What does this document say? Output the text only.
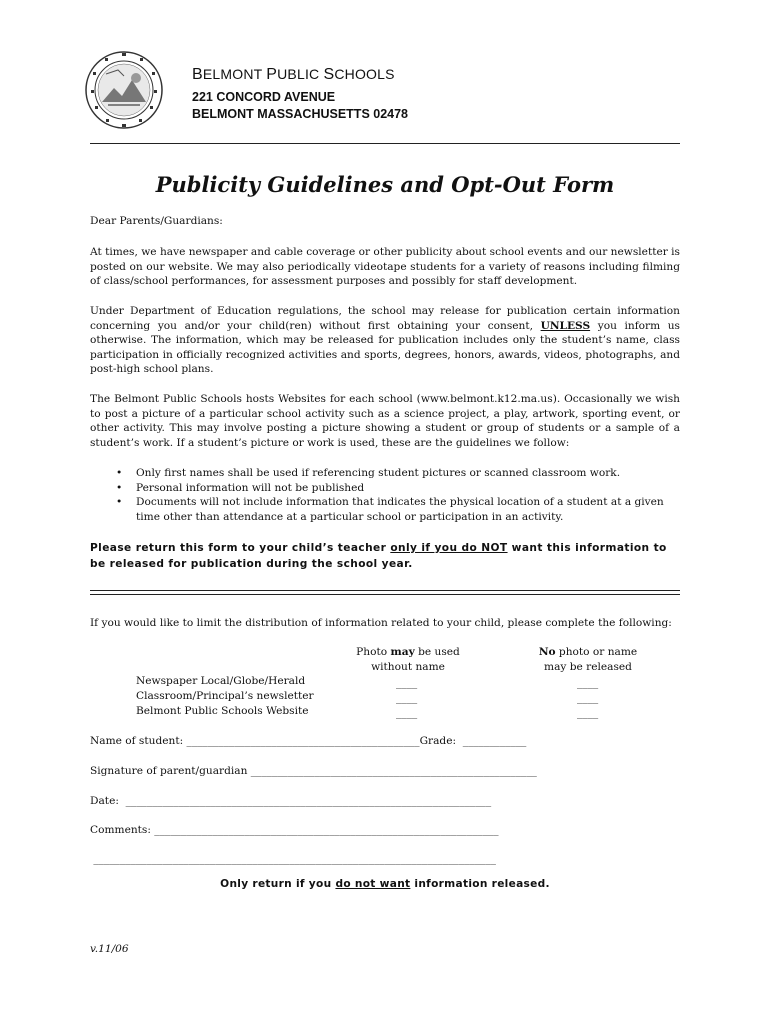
BELMONT PUBLIC SCHOOLS
221 CONCORD AVENUE
BELMONT MASSACHUSETTS 02478
Publicity Guidelines and Opt-Out Form
Dear Parents/Guardians:
At times, we have newspaper and cable coverage or other publicity about school events and our newsletter is posted on our website. We may also periodically videotape students for a variety of reasons including filming of class/school performances, for assessment purposes and possibly for staff development.
Under Department of Education regulations, the school may release for publication certain information concerning you and/or your child(ren) without first obtaining your consent, UNLESS you inform us otherwise. The information, which may be released for publication includes only the student’s name, class participation in officially recognized activities and sports, degrees, honors, awards, videos, photographs, and post-high school plans.
The Belmont Public Schools hosts Websites for each school (www.belmont.k12.ma.us). Occasionally we wish to post a picture of a particular school activity such as a science project, a play, artwork, sporting event, or other activity. This may involve posting a picture showing a student or group of students or a sample of a student’s work. If a student’s picture or work is used, these are the guidelines we follow:
• Only first names shall be used if referencing student pictures or scanned classroom work.
• Personal information will not be published
• Documents will not include information that indicates the physical location of a student at a given time other than attendance at a particular school or participation in an activity.
Please return this form to your child’s teacher only if you do NOT want this information to be released for publication during the school year.
If you would like to limit the distribution of information related to your child, please complete the following:
Photo may be used
without name
No photo or name
may be released
Newspaper Local/Globe/Herald
Classroom/Principal’s newsletter
Belmont Public Schools Website
____
____
____
____
____
____
Name of student: ____________________________________________Grade:  ____________
Signature of parent/guardian ______________________________________________________
Date:  _____________________________________________________________________
Comments: _________________________________________________________________
____________________________________________________________________________
Only return if you do not want information released.
v.11/06
